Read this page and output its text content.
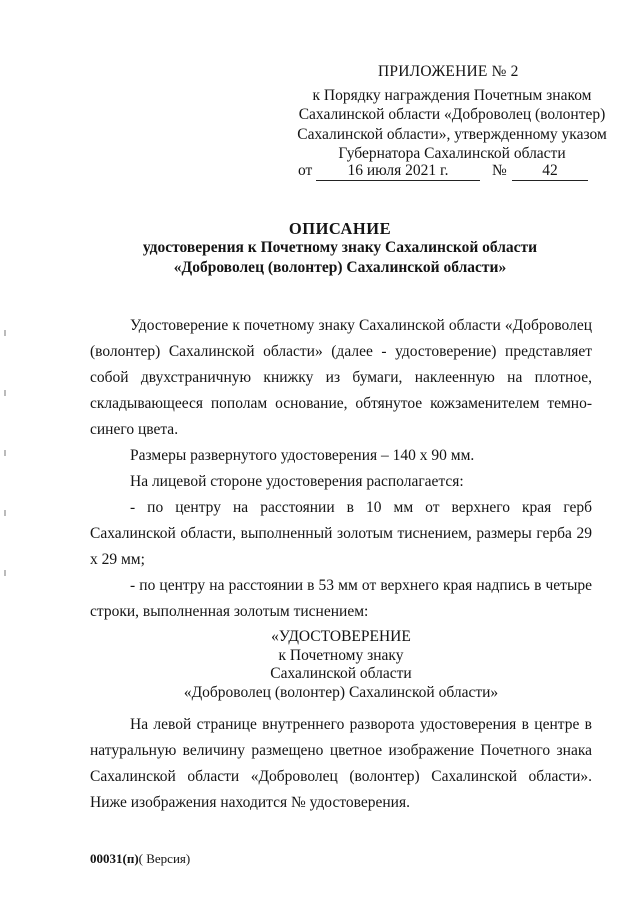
ПРИЛОЖЕНИЕ № 2
к Порядку награждения Почетным знаком
Сахалинской области «Доброволец (волонтер)
Сахалинской области», утвержденному указом
Губернатора Сахалинской области
от	16 июля 2021 г.	№	42
ОПИСАНИЕ
удостоверения к Почетному знаку Сахалинской области
«Доброволец (волонтер) Сахалинской области»

Удостоверение к почетному знаку Сахалинской области «Доброволец (волонтер) Сахалинской области» (далее - удостоверение) представляет собой двухстраничную книжку из бумаги, наклеенную на плотное, складывающееся пополам основание, обтянутое кожзаменителем темно-синего цвета.

Размеры развернутого удостоверения – 140 х 90 мм.

На лицевой стороне удостоверения располагается:

- по центру на расстоянии в 10 мм от верхнего края герб Сахалинской области, выполненный золотым тиснением, размеры герба 29 х 29 мм;

- по центру на расстоянии в 53 мм от верхнего края надпись в четыре строки, выполненная золотым тиснением:

«УДОСТОВЕРЕНИЕ
к Почетному знаку
Сахалинской области
«Доброволец (волонтер) Сахалинской области»

На левой странице внутреннего разворота удостоверения в центре в натуральную величину размещено цветное изображение Почетного знака Сахалинской области «Доброволец (волонтер) Сахалинской области». Ниже изображения находится № удостоверения.

00031(п)( Версия)
